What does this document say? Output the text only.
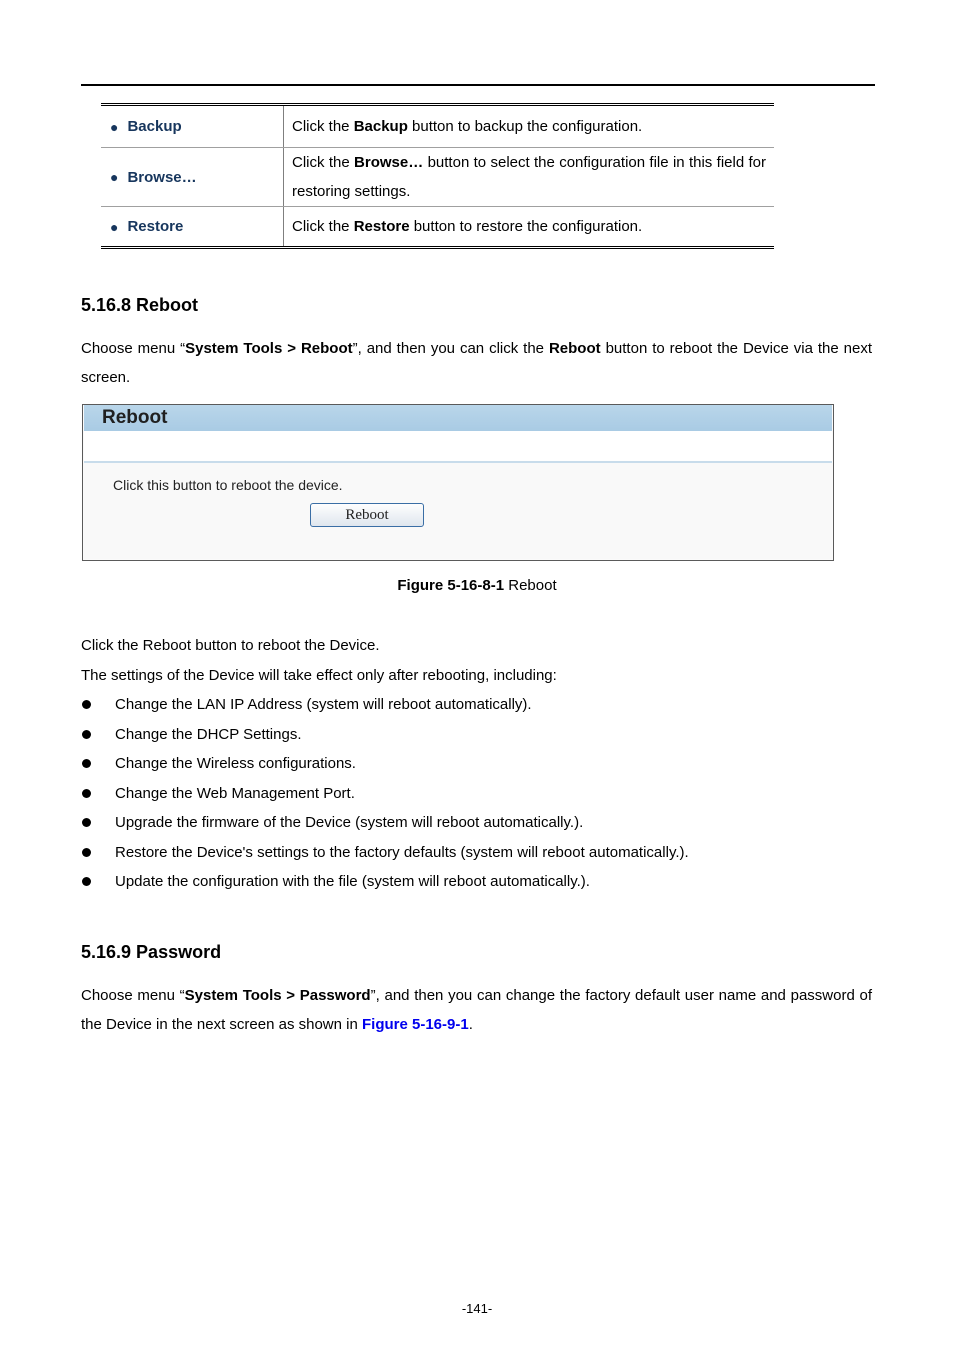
● Backup	Click the Backup button to backup the configuration.

● Browse…	Click the Browse… button to select the configuration file in this field for restoring settings.

● Restore	Click the Restore button to restore the configuration.
5.16.8 Reboot
Choose menu “System Tools > Reboot”, and then you can click the Reboot button to reboot the Device via the next screen.
Reboot
Click this button to reboot the device.
Reboot
Figure 5-16-8-1 Reboot
Click the Reboot button to reboot the Device.
The settings of the Device will take effect only after rebooting, including:
Change the LAN IP Address (system will reboot automatically).
Change the DHCP Settings.
Change the Wireless configurations.
Change the Web Management Port.
Upgrade the firmware of the Device (system will reboot automatically.).
Restore the Device's settings to the factory defaults (system will reboot automatically.).
Update the configuration with the file (system will reboot automatically.).
5.16.9 Password
Choose menu “System Tools > Password”, and then you can change the factory default user name and password of the Device in the next screen as shown in Figure 5-16-9-1.
-141-
